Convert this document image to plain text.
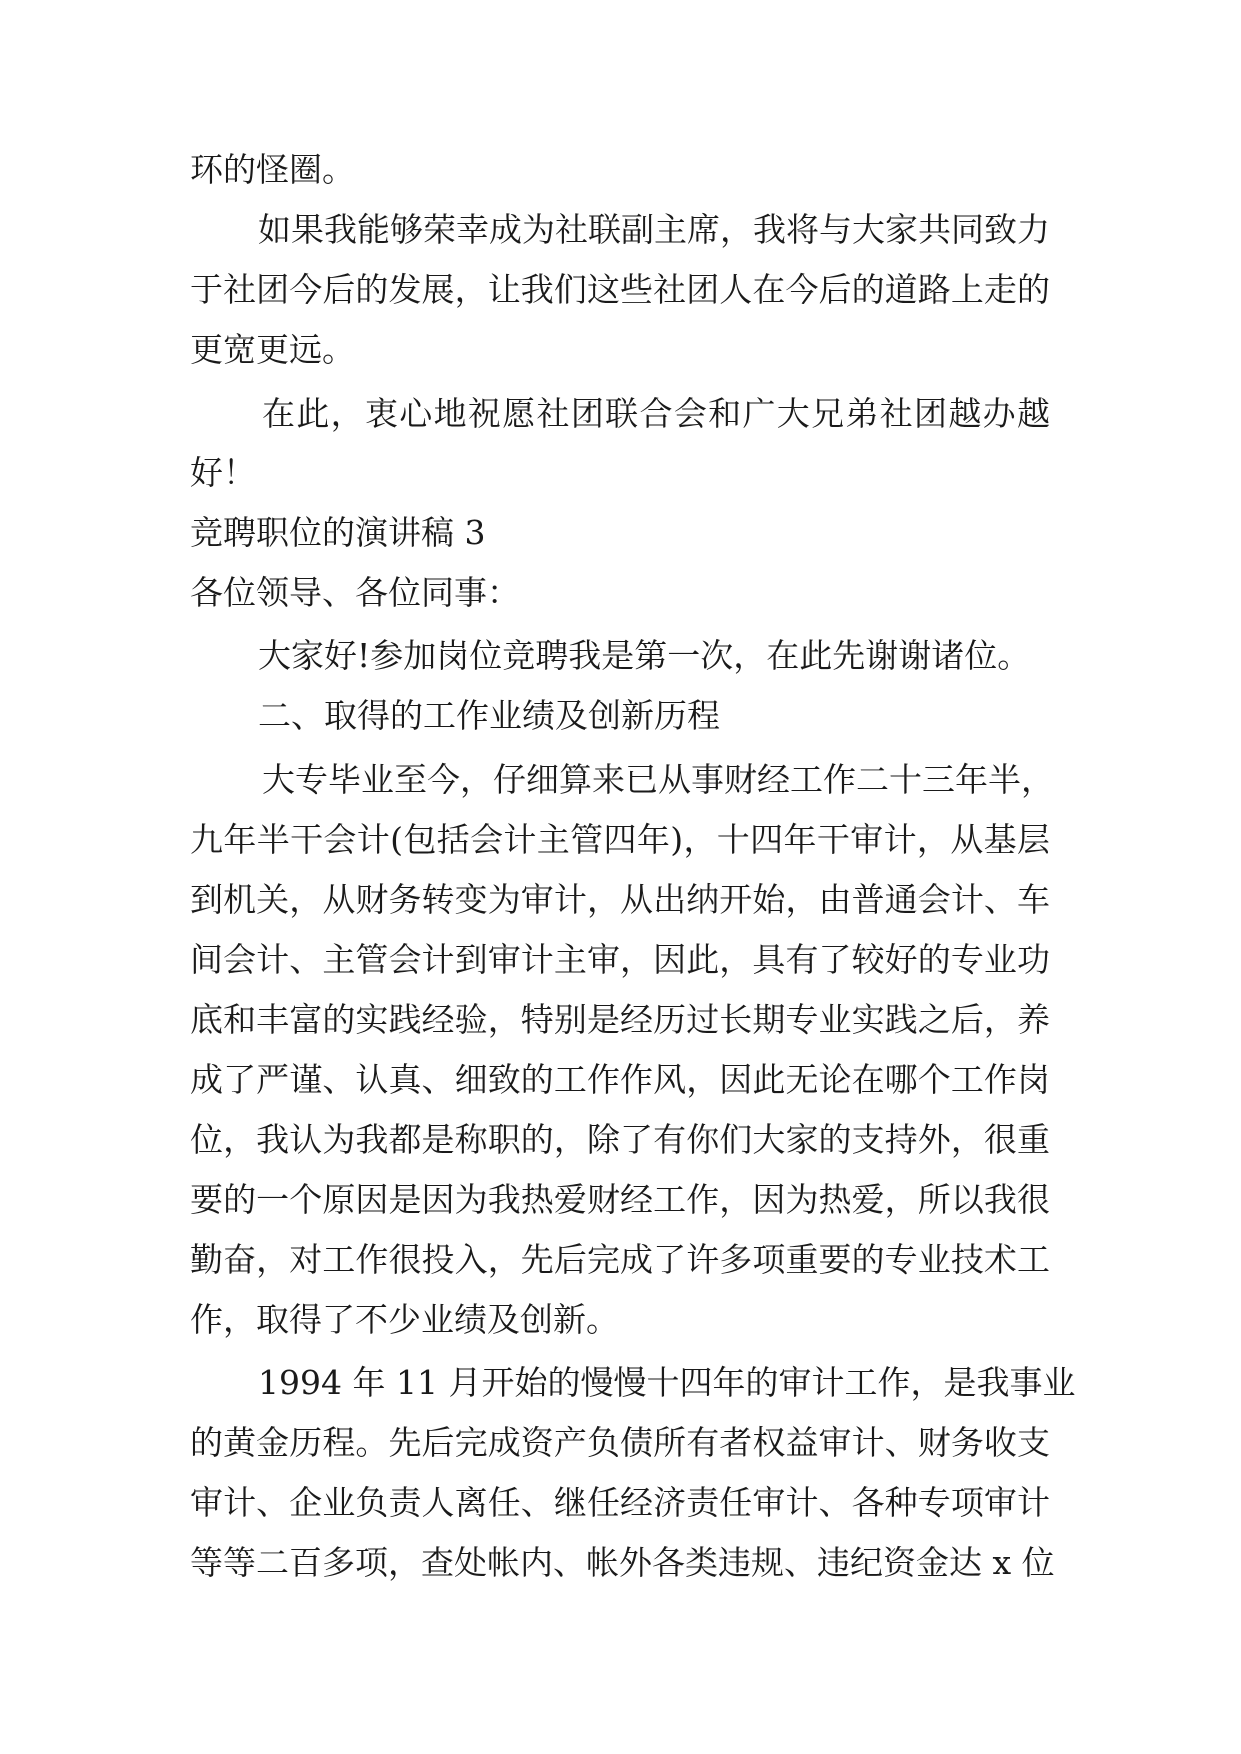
环的怪圈。
如果我能够荣幸成为社联副主席，我将与大家共同致力
于社团今后的发展，让我们这些社团人在今后的道路上走的
更宽更远。
在此，衷心地祝愿社团联合会和广大兄弟社团越办越
好！
竞聘职位的演讲稿 3
各位领导、各位同事：
大家好!参加岗位竞聘我是第一次，在此先谢谢诸位。
二、取得的工作业绩及创新历程
大专毕业至今，仔细算来已从事财经工作二十三年半，
九年半干会计(包括会计主管四年)，十四年干审计，从基层
到机关，从财务转变为审计，从出纳开始，由普通会计、车
间会计、主管会计到审计主审，因此，具有了较好的专业功
底和丰富的实践经验，特别是经历过长期专业实践之后，养
成了严谨、认真、细致的工作作风，因此无论在哪个工作岗
位，我认为我都是称职的，除了有你们大家的支持外，很重
要的一个原因是因为我热爱财经工作，因为热爱，所以我很
勤奋，对工作很投入，先后完成了许多项重要的专业技术工
作，取得了不少业绩及创新。
1994 年 11 月开始的慢慢十四年的审计工作，是我事业
的黄金历程。先后完成资产负债所有者权益审计、财务收支
审计、企业负责人离任、继任经济责任审计、各种专项审计
等等二百多项，查处帐内、帐外各类违规、违纪资金达 x 位
